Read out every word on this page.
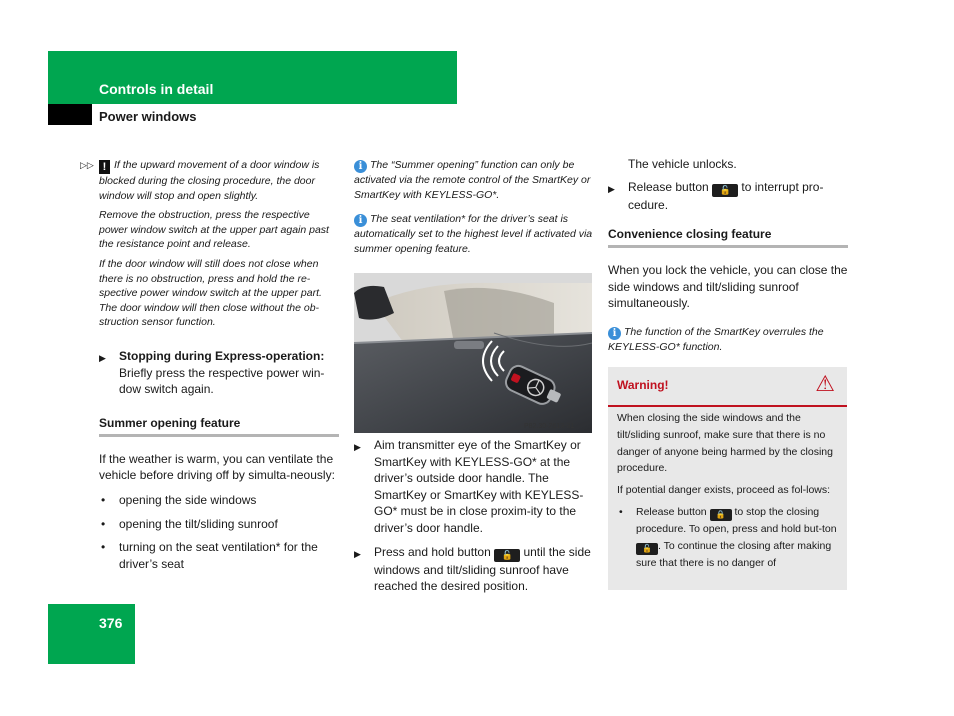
Controls in detail
Power windows
376
▷▷ ! If the upward movement of a door window is blocked during the closing procedure, the door window will stop and open slightly.

Remove the obstruction, press the respective power window switch at the upper part again past the resistance point and release.

If the door window will still does not close when there is no obstruction, press and hold the re-spective power window switch at the upper part. The door window will then close without the ob-struction sensor function.

▶ Stopping during Express-operation:
Briefly press the respective power win-dow switch again.
Summer opening feature

If the weather is warm, you can ventilate the vehicle before driving off by simulta-neously:

• opening the side windows
• opening the tilt/sliding sunroof
• turning on the seat ventilation* for the driver’s seat

i The “Summer opening” function can only be activated via the remote control of the SmartKey or SmartKey with KEYLESS-GO*.

i The seat ventilation* for the driver’s seat is automatically set to the highest level if activated via summer opening feature.

P82.30-2613-31
▶ Aim transmitter eye of the SmartKey or SmartKey with KEYLESS-GO* at the driver’s outside door handle. The SmartKey or SmartKey with KEYLESS-GO* must be in close proxim-ity to the driver’s door handle.
▶ Press and hold button 🔓 until the side windows and tilt/sliding sunroof have reached the desired position.

The vehicle unlocks.

▶ Release button 🔓 to interrupt pro-cedure.
Convenience closing feature

When you lock the vehicle, you can close the side windows and tilt/sliding sunroof simultaneously.

i The function of the SmartKey overrules the KEYLESS-GO* function.

Warning!	⚠

When closing the side windows and the tilt/sliding sunroof, make sure that there is no danger of anyone being harmed by the closing procedure.

If potential danger exists, proceed as fol-lows:

• Release button 🔒 to stop the closing procedure. To open, press and hold but-ton 🔓 . To continue the closing after making sure that there is no danger of
